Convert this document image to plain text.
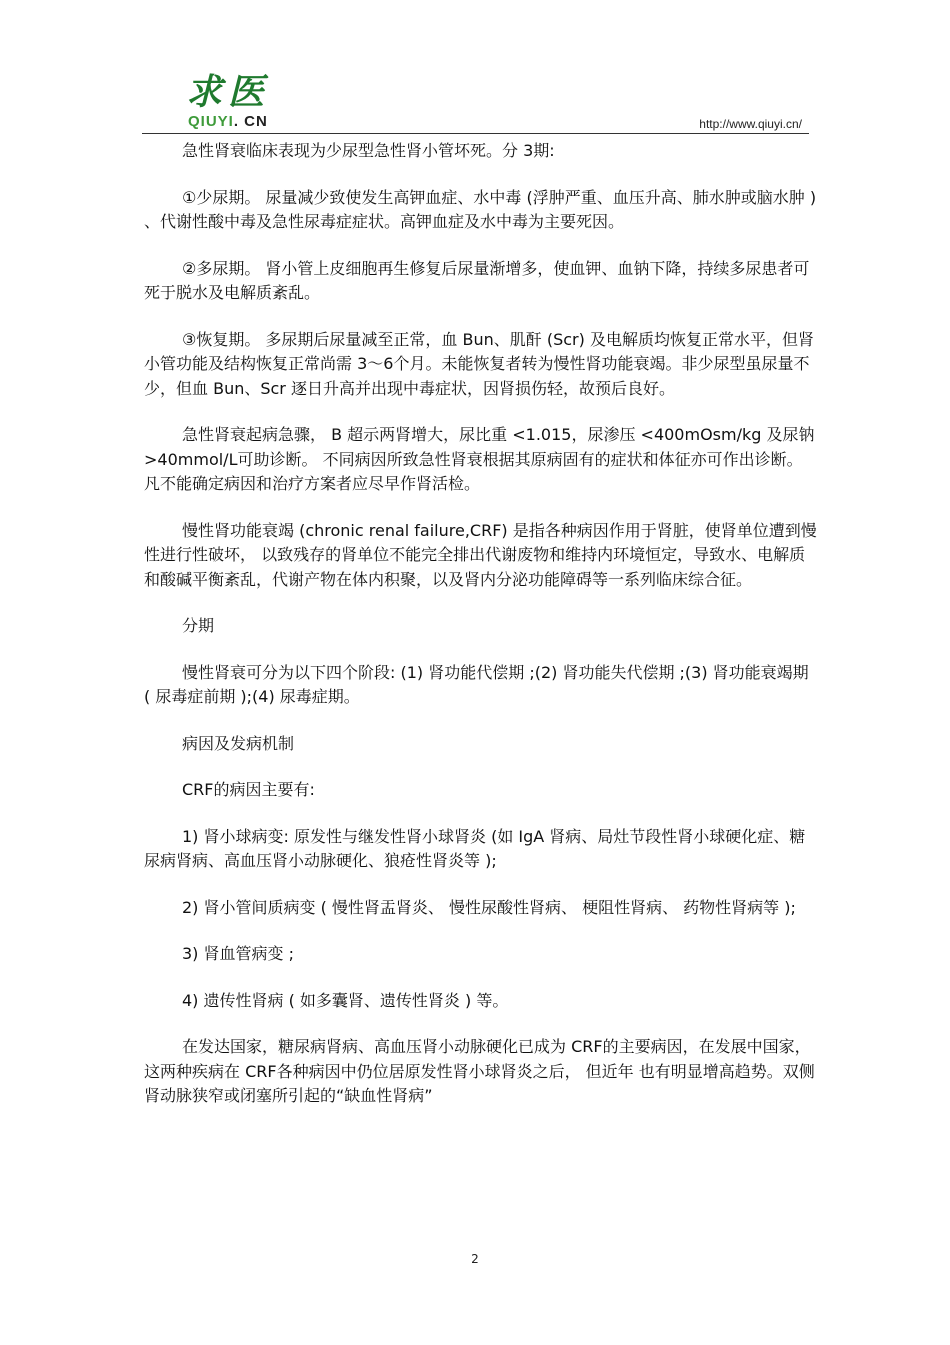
求医
QIUYI. CN	http://www.qiuyi.cn/

急性肾衰临床表现为少尿型急性肾小管坏死。分 3期:

①少尿期。 尿量减少致使发生高钾血症、水中毒 (浮肿严重、血压升高、肺水肿或脑水肿 ) 、代谢性酸中毒及急性尿毒症症状。高钾血症及水中毒为主要死因。

②多尿期。 肾小管上皮细胞再生修复后尿量渐增多，使血钾、血钠下降，持续多尿患者可死于脱水及电解质紊乱。

③恢复期。 多尿期后尿量减至正常，血 Bun、肌酐 (Scr) 及电解质均恢复正常水平，但肾小管功能及结构恢复正常尚需 3～6个月。未能恢复者转为慢性肾功能衰竭。非少尿型虽尿量不少，但血 Bun、Scr 逐日升高并出现中毒症状，因肾损伤轻，故预后良好。

急性肾衰起病急骤， B 超示两肾增大，尿比重 <1.015，尿渗压 <400mOsm/kg 及尿钠 >40mmol/L可助诊断。 不同病因所致急性肾衰根据其原病固有的症状和体征亦可作出诊断。凡不能确定病因和治疗方案者应尽早作肾活检。

慢性肾功能衰竭 (chronic renal failure,CRF) 是指各种病因作用于肾脏，使肾单位遭到慢性进行性破坏， 以致残存的肾单位不能完全排出代谢废物和维持内环境恒定，导致水、电解质 和酸碱平衡紊乱，代谢产物在体内积聚，以及肾内分泌功能障碍等一系列临床综合征。

分期

慢性肾衰可分为以下四个阶段: (1) 肾功能代偿期 ;(2) 肾功能失代偿期 ;(3) 肾功能衰竭期 ( 尿毒症前期 );(4) 尿毒症期。

病因及发病机制

CRF的病因主要有:

1) 肾小球病变: 原发性与继发性肾小球肾炎 (如 IgA 肾病、局灶节段性肾小球硬化症、糖尿病肾病、高血压肾小动脉硬化、狼疮性肾炎等 );

2) 肾小管间质病变 ( 慢性肾盂肾炎、 慢性尿酸性肾病、 梗阻性肾病、 药物性肾病等 );

3) 肾血管病变 ;

4) 遗传性肾病 ( 如多囊肾、遗传性肾炎 ) 等。

在发达国家，糖尿病肾病、高血压肾小动脉硬化已成为 CRF的主要病因，在发展中国家， 这两种疾病在 CRF各种病因中仍位居原发性肾小球肾炎之后， 但近年 也有明显增高趋势。双侧肾动脉狭窄或闭塞所引起的“缺血性肾病”

2
